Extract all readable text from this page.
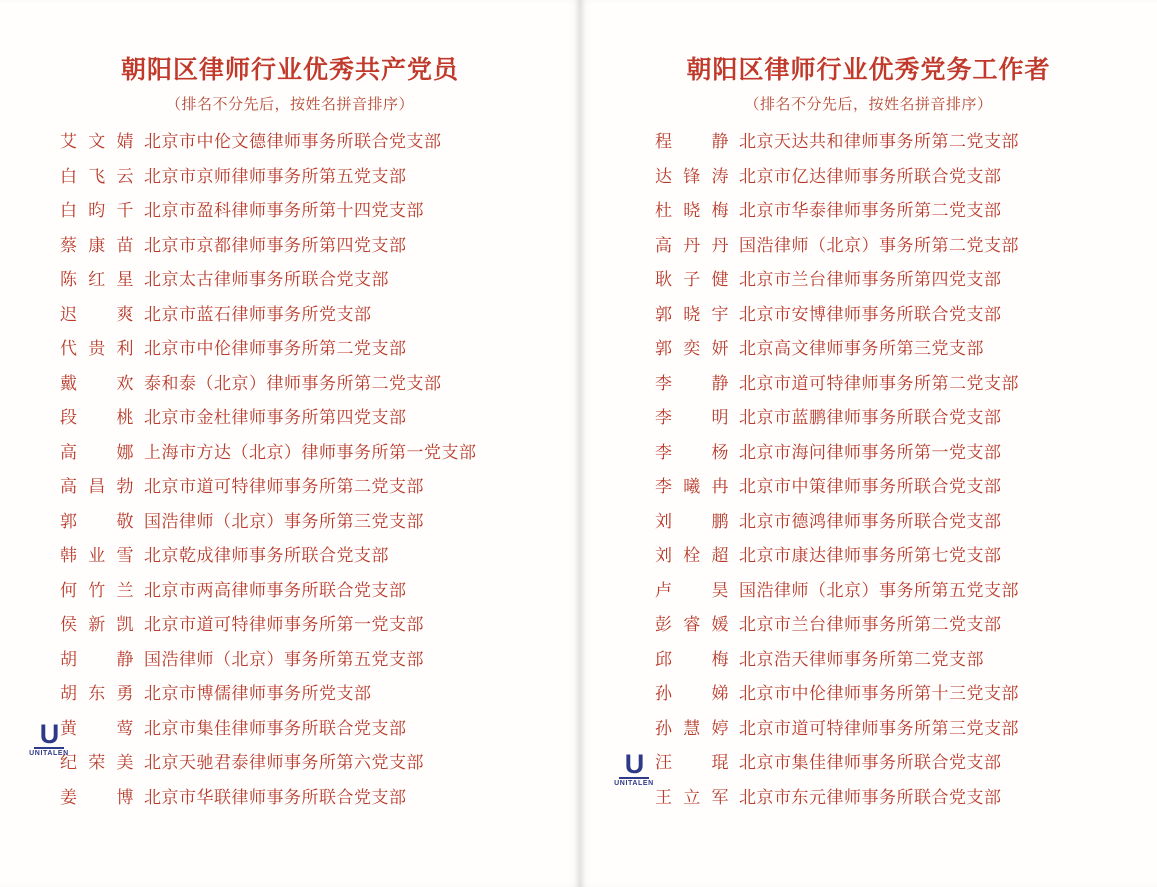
朝阳区律师行业优秀共产党员
（排名不分先后，按姓名拼音排序）
艾文婧 北京市中伦文德律师事务所联合党支部
白飞云 北京市京师律师事务所第五党支部
白昀千 北京市盈科律师事务所第十四党支部
蔡康苗 北京市京都律师事务所第四党支部
陈红星 北京太古律师事务所联合党支部
迟爽 北京市蓝石律师事务所党支部
代贵利 北京市中伦律师事务所第二党支部
戴欢 泰和泰（北京）律师事务所第二党支部
段桃 北京市金杜律师事务所第四党支部
高娜 上海市方达（北京）律师事务所第一党支部
高昌勃 北京市道可特律师事务所第二党支部
郭敬 国浩律师（北京）事务所第三党支部
韩业雪 北京乾成律师事务所联合党支部
何竹兰 北京市两高律师事务所联合党支部
侯新凯 北京市道可特律师事务所第一党支部
胡静 国浩律师（北京）事务所第五党支部
胡东勇 北京市博儒律师事务所党支部
黄莺 北京市集佳律师事务所联合党支部
纪荣美 北京天驰君泰律师事务所第六党支部
姜博 北京市华联律师事务所联合党支部
朝阳区律师行业优秀党务工作者
（排名不分先后，按姓名拼音排序）
程静 北京天达共和律师事务所第二党支部
达锋涛 北京市亿达律师事务所联合党支部
杜晓梅 北京市华泰律师事务所第二党支部
高丹丹 国浩律师（北京）事务所第二党支部
耿子健 北京市兰台律师事务所第四党支部
郭晓宇 北京市安博律师事务所联合党支部
郭奕妍 北京高文律师事务所第三党支部
李静 北京市道可特律师事务所第二党支部
李明 北京市蓝鹏律师事务所联合党支部
李杨 北京市海问律师事务所第一党支部
李曦冉 北京市中策律师事务所联合党支部
刘鹏 北京市德鸿律师事务所联合党支部
刘栓超 北京市康达律师事务所第七党支部
卢昊 国浩律师（北京）事务所第五党支部
彭睿媛 北京市兰台律师事务所第二党支部
邱梅 北京浩天律师事务所第二党支部
孙娣 北京市中伦律师事务所第十三党支部
孙慧婷 北京市道可特律师事务所第三党支部
汪琨 北京市集佳律师事务所联合党支部
王立军 北京市东元律师事务所联合党支部
U
UNITALEN	U
UNITALEN
